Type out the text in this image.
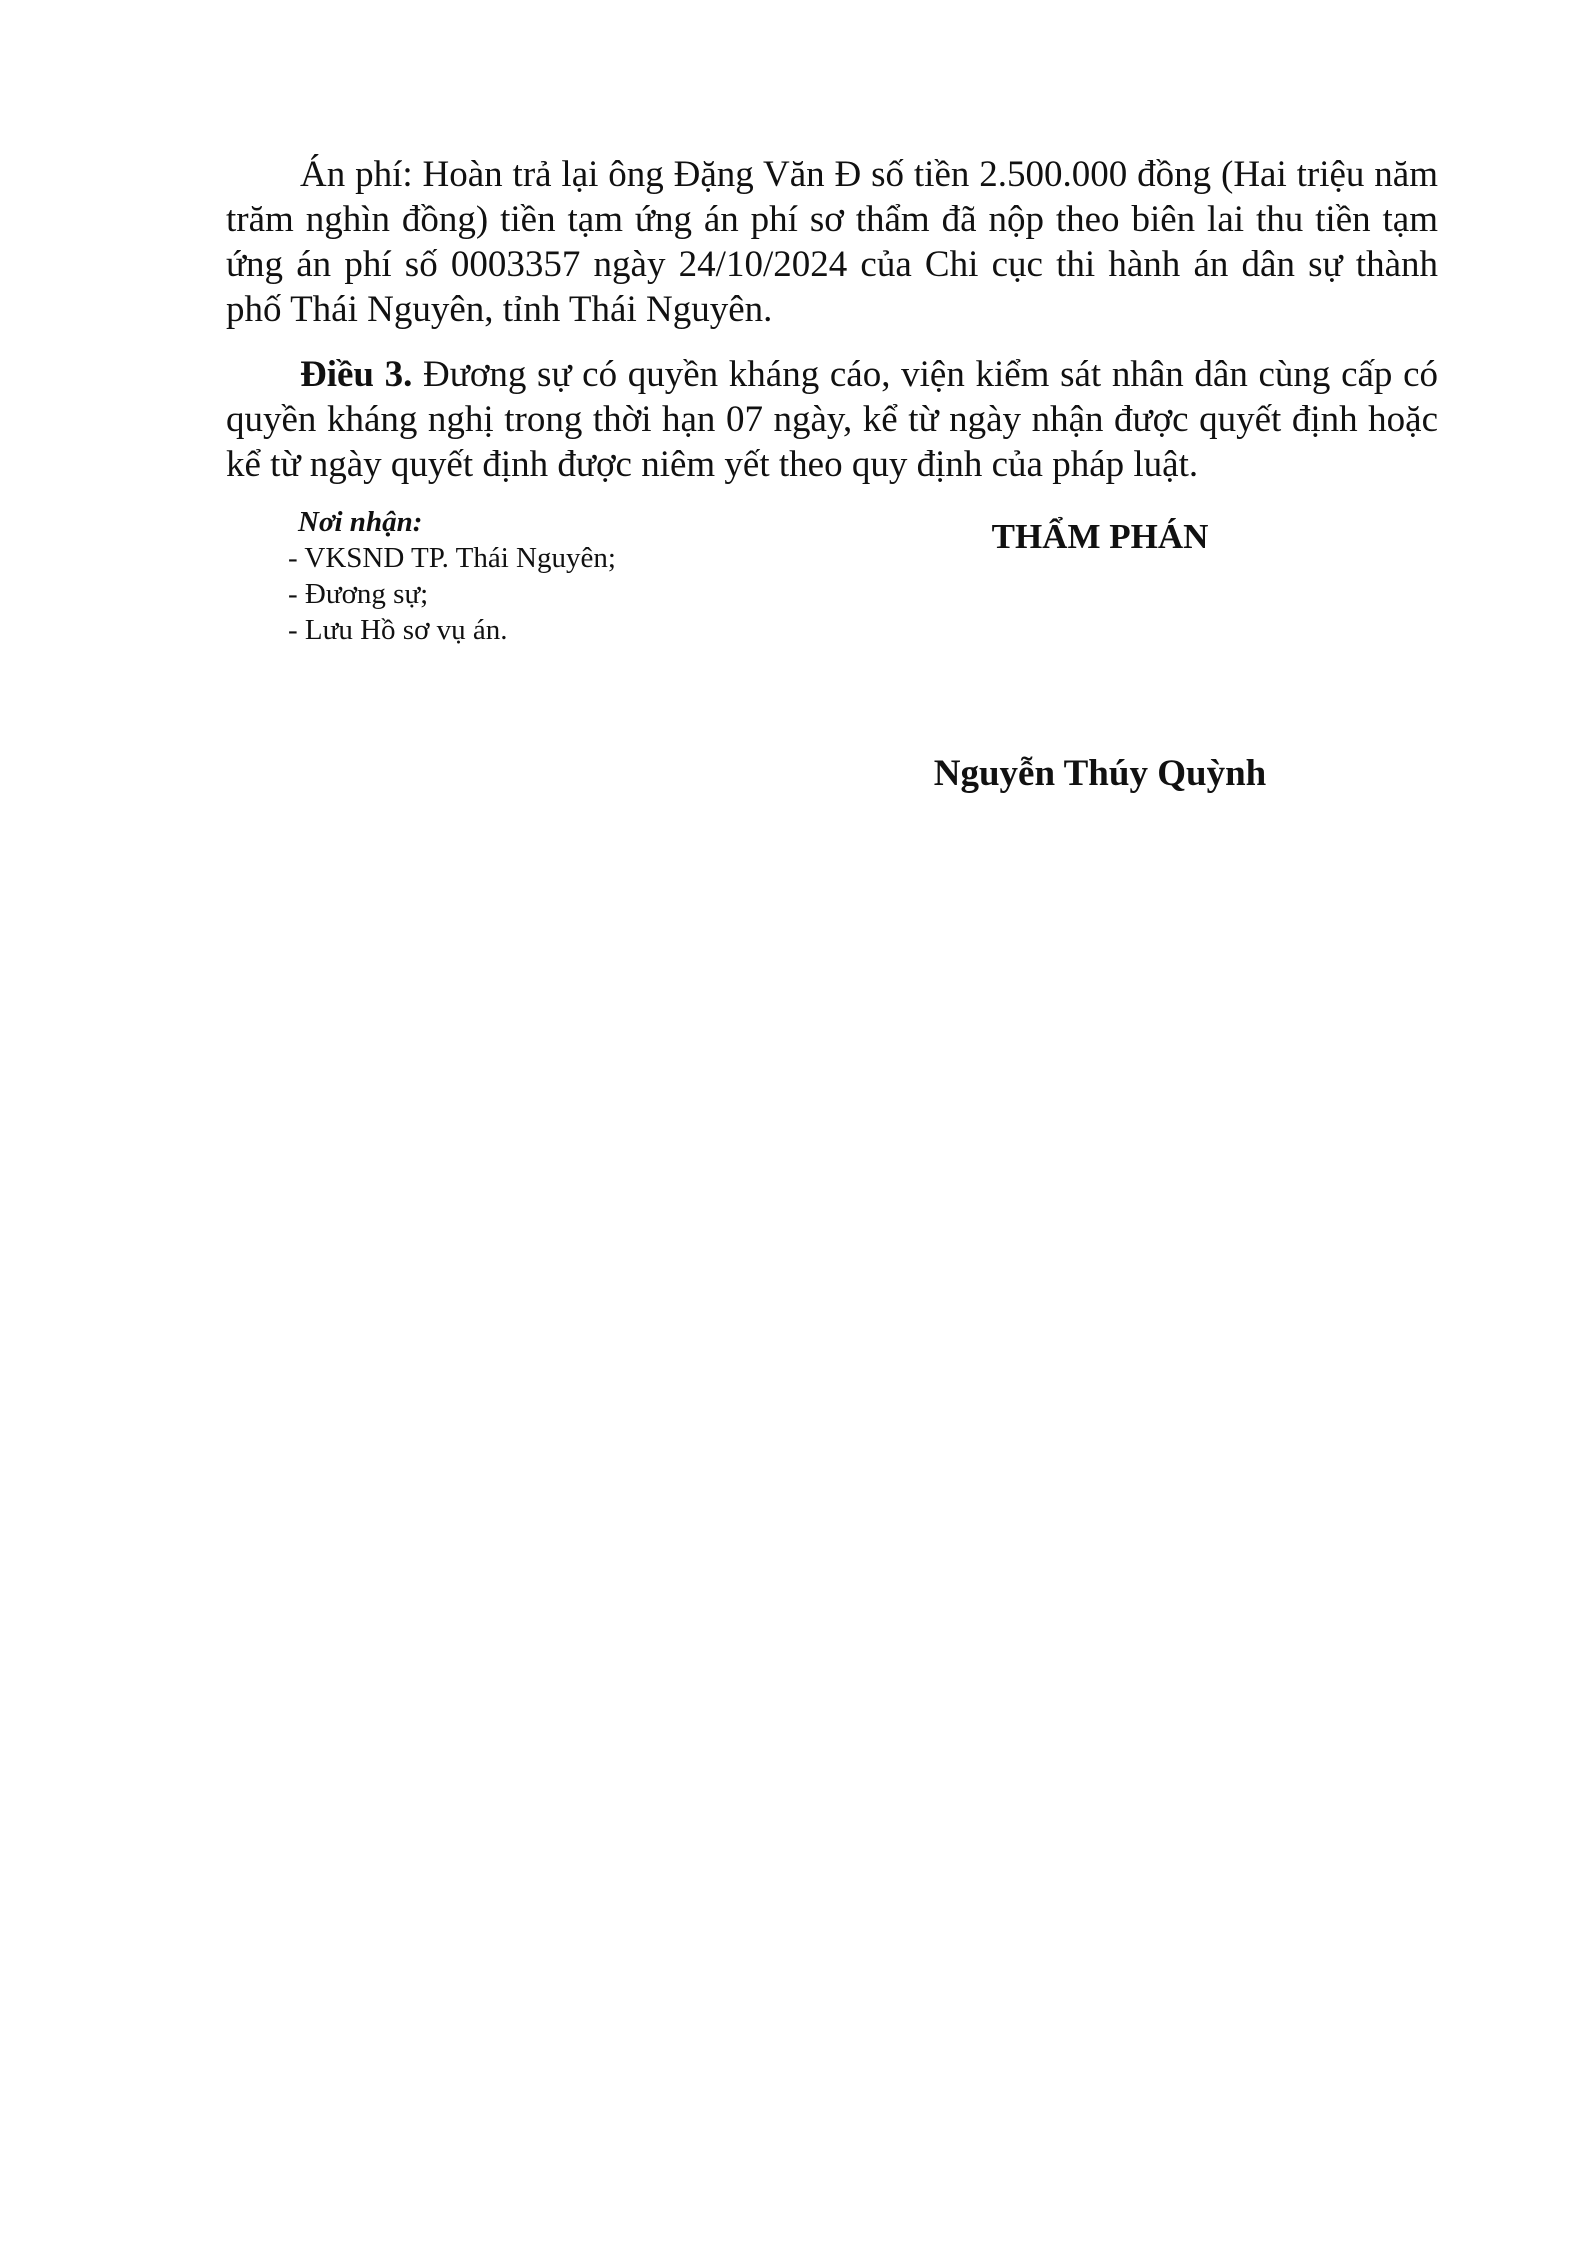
Án phí: Hoàn trả lại ông Đặng Văn Đ số tiền 2.500.000 đồng (Hai triệu năm trăm nghìn đồng) tiền tạm ứng án phí sơ thẩm đã nộp theo biên lai thu tiền tạm ứng án phí số 0003357 ngày 24/10/2024 của Chi cục thi hành án dân sự thành phố Thái Nguyên, tỉnh Thái Nguyên.

Điều 3. Đương sự có quyền kháng cáo, viện kiểm sát nhân dân cùng cấp có quyền kháng nghị trong thời hạn 07 ngày, kể từ ngày nhận được quyết định hoặc kể từ ngày quyết định được niêm yết theo quy định của pháp luật.

Nơi nhận:

- VKSND TP. Thái Nguyên;
- Đương sự;
- Lưu Hồ sơ vụ án.
THẨM PHÁN
Nguyễn Thúy Quỳnh
